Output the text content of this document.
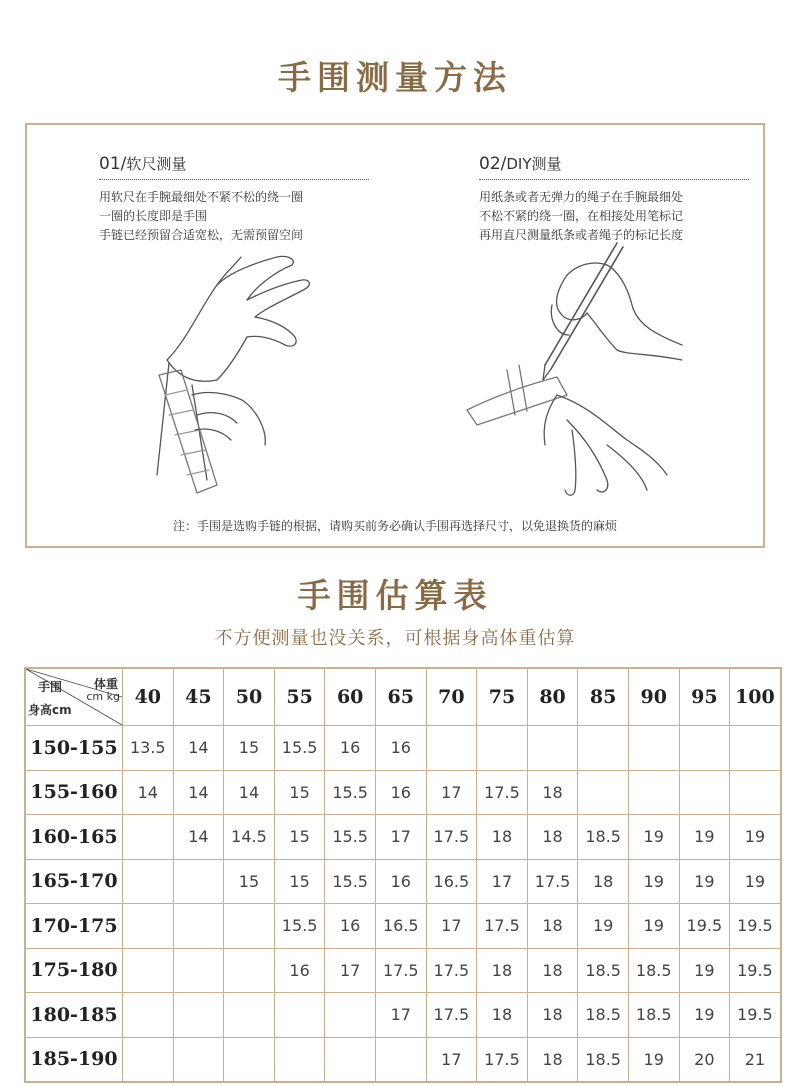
手围测量方法
01/软尺测量
用软尺在手腕最细处不紧不松的绕一圈
一圈的长度即是手围
手链已经预留合适宽松，无需预留空间
02/DIY测量
用纸条或者无弹力的绳子在手腕最细处
不松不紧的绕一圈，在相接处用笔标记
再用直尺测量纸条或者绳子的标记长度
注：手围是选购手链的根据，请购买前务必确认手围再选择尺寸，以免退换货的麻烦
手围估算表
不方便测量也没关系，可根据身高体重估算
手围 体重
cm kg
身高cm	40	45	50	55	60	65	70	75	80	85	90	95	100
150-155	13.5	14	15	15.5	16	16							
155-160	14	14	14	15	15.5	16	17	17.5	18				
160-165		14	14.5	15	15.5	17	17.5	18	18	18.5	19	19	19
165-170			15	15	15.5	16	16.5	17	17.5	18	19	19	19
170-175				15.5	16	16.5	17	17.5	18	19	19	19.5	19.5
175-180				16	17	17.5	17.5	18	18	18.5	18.5	19	19.5
180-185						17	17.5	18	18	18.5	18.5	19	19.5
185-190							17	17.5	18	18.5	19	20	21
